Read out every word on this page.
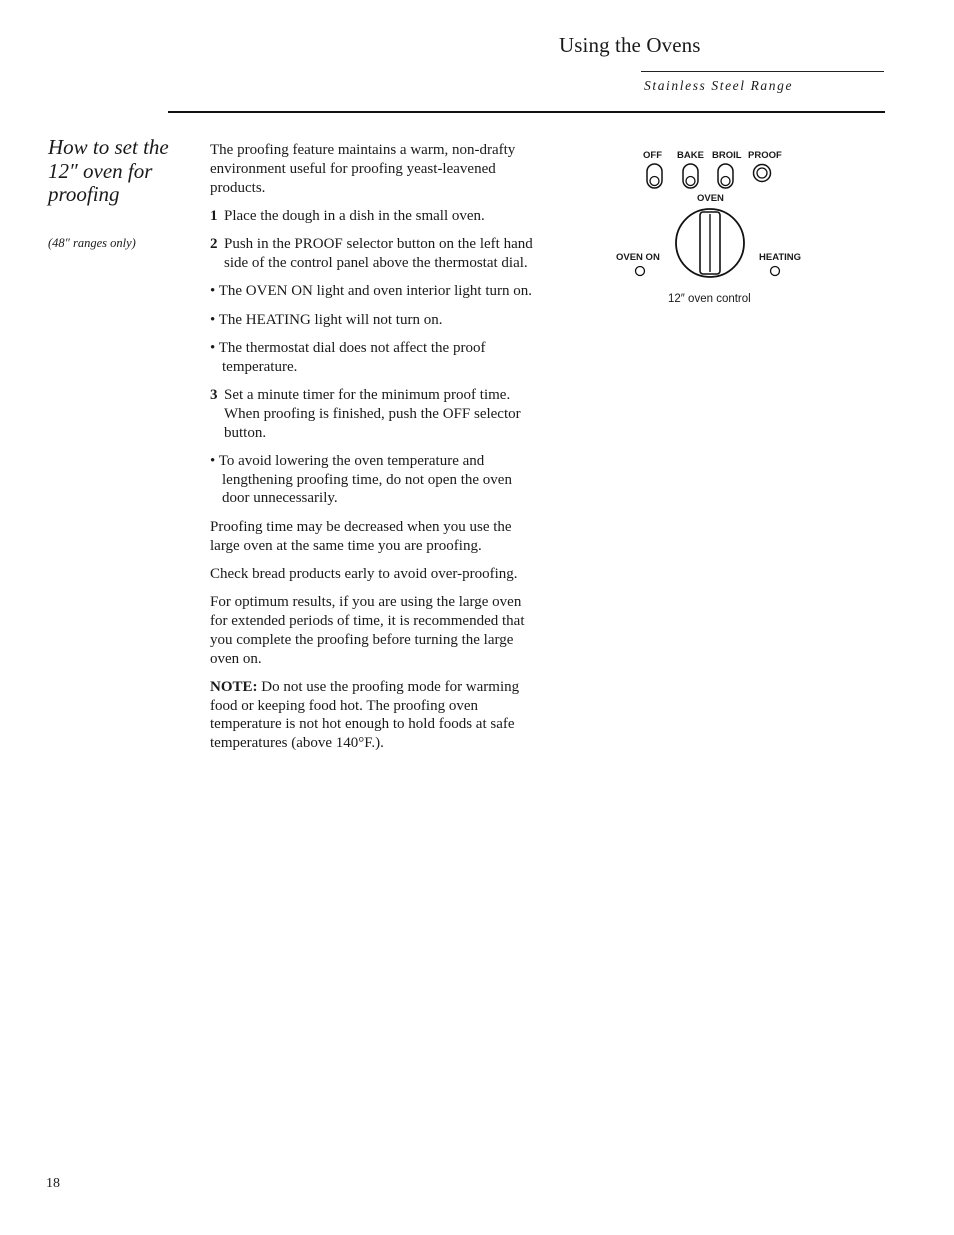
Using the Ovens
Stainless Steel Range
How to set the 12″ oven for proofing
(48″ ranges only)

The proofing feature maintains a warm, non-drafty environment useful for proofing yeast-leavened products.

1 Place the dough in a dish in the small oven.

2 Push in the PROOF selector button on the left hand side of the control panel above the thermostat dial.

• The OVEN ON light and oven interior light turn on.

• The HEATING light will not turn on.

• The thermostat dial does not affect the proof temperature.

3 Set a minute timer for the minimum proof time. When proofing is finished, push the OFF selector button.

• To avoid lowering the oven temperature and lengthening proofing time, do not open the oven door unnecessarily.

Proofing time may be decreased when you use the large oven at the same time you are proofing.

Check bread products early to avoid over-proofing.

For optimum results, if you are using the large oven for extended periods of time, it is recommended that you complete the proofing before turning the large oven on.

NOTE: Do not use the proofing mode for warming food or keeping food hot. The proofing oven temperature is not hot enough to hold foods at safe temperatures (above 140°F.).

OFF BAKE BROIL PROOF
OVEN
OVEN ON	HEATING
12″ oven control
18
